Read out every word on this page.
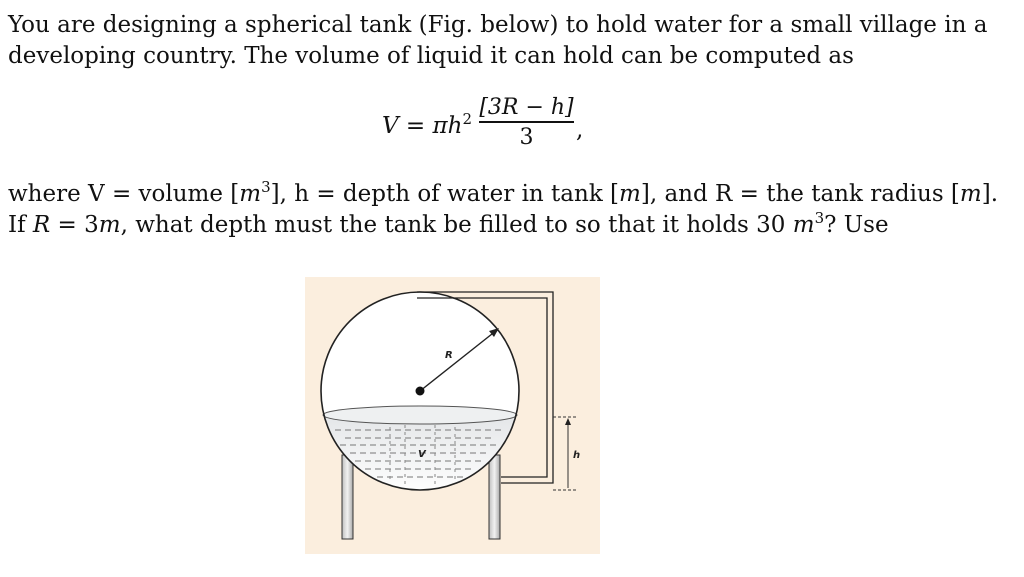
You are designing a spherical tank (Fig. below) to hold water for a small village in a developing country. The volume of liquid it can hold can be computed as

$V = \pi h^2$ [3R − h]
3	,

where V = volume $[m^3]$, h = depth of water in tank [m], and R = the tank radius [m]. If R = 3m, what depth must the tank be filled to so that it holds 30 $m^3$? Use

R
V	h
